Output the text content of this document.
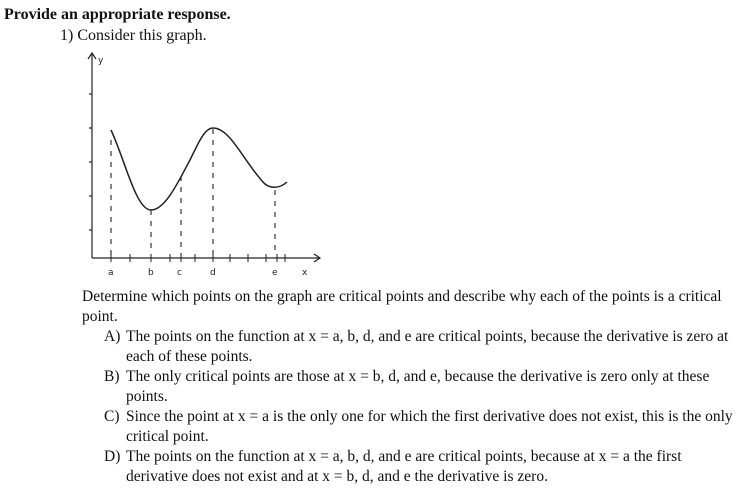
Provide an appropriate response.
1) Consider this graph.
y
a	b	c	d	e	x
Determine which points on the graph are critical points and describe why each of the points is a critical point.
A) The points on the function at x = a, b, d, and e are critical points, because the derivative is zero at each of these points.
B) The only critical points are those at x = b, d, and e, because the derivative is zero only at these points.
C) Since the point at x = a is the only one for which the first derivative does not exist, this is the only critical point.
D) The points on the function at x = a, b, d, and e are critical points, because at x = a the first derivative does not exist and at x = b, d, and e the derivative is zero.
